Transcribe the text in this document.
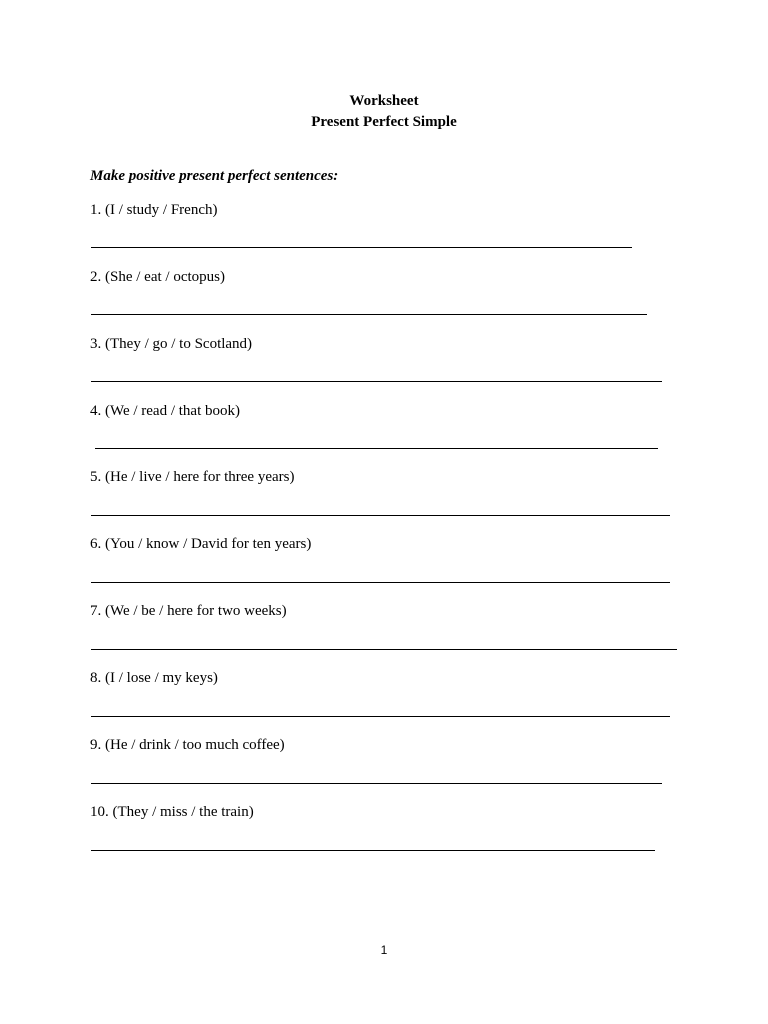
Worksheet
Present Perfect Simple
Make positive present perfect sentences:
1. (I / study / French)
2. (She / eat / octopus)
3. (They / go / to Scotland)
4. (We / read / that book)
5. (He / live / here for three years)
6. (You / know / David for ten years)
7. (We / be / here for two weeks)
8. (I / lose / my keys)
9. (He / drink / too much coffee)
10. (They / miss / the train)
1
